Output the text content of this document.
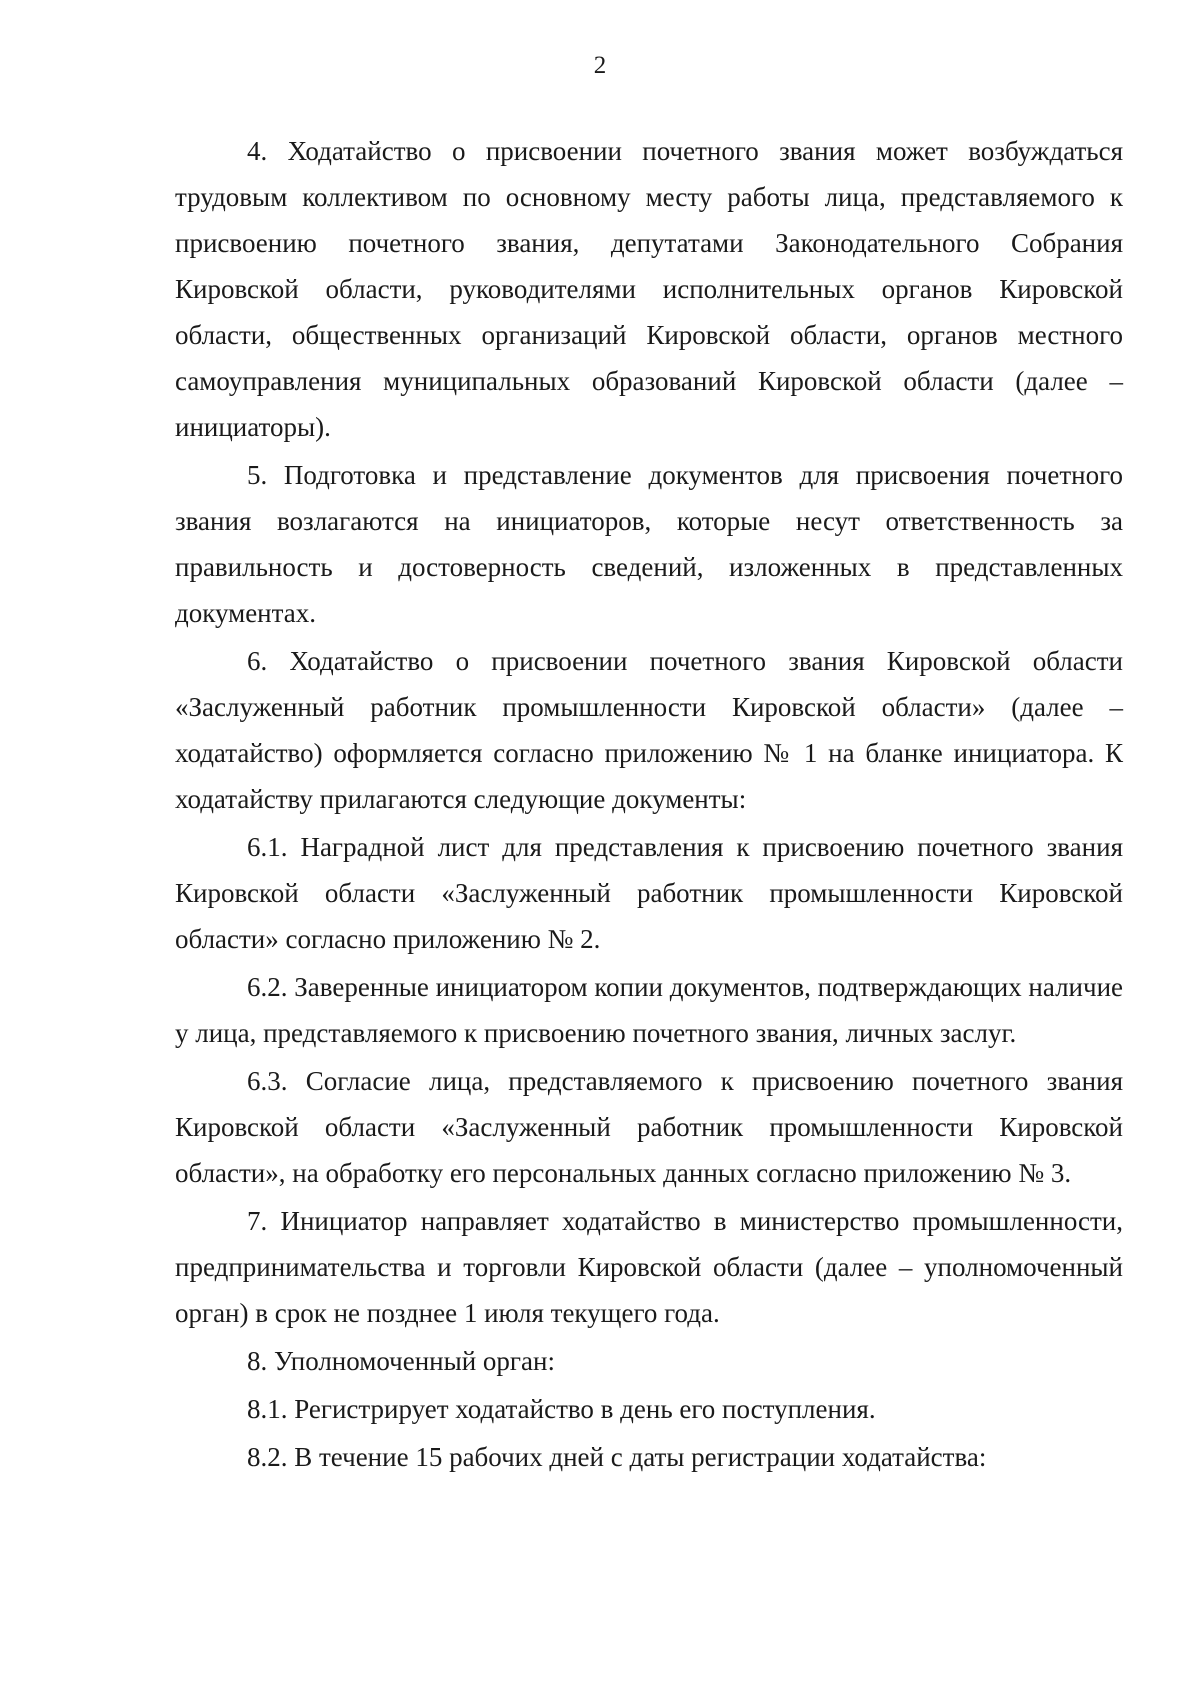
2

4. Ходатайство о присвоении почетного звания может возбуждаться трудовым коллективом по основному месту работы лица, представляемого к присвоению почетного звания, депутатами Законодательного Собрания Кировской области, руководителями исполнительных органов Кировской области, общественных организаций Кировской области, органов местного самоуправления муниципальных образований Кировской области (далее – инициаторы).

5. Подготовка и представление документов для присвоения почетного звания возлагаются на инициаторов, которые несут ответственность за правильность и достоверность сведений, изложенных в представленных документах.

6. Ходатайство о присвоении почетного звания Кировской области «Заслуженный работник промышленности Кировской области» (далее – ходатайство) оформляется согласно приложению № 1 на бланке инициатора. К ходатайству прилагаются следующие документы:

6.1. Наградной лист для представления к присвоению почетного звания Кировской области «Заслуженный работник промышленности Кировской области» согласно приложению № 2.

6.2. Заверенные инициатором копии документов, подтверждающих наличие у лица, представляемого к присвоению почетного звания, личных заслуг.

6.3. Согласие лица, представляемого к присвоению почетного звания Кировской области «Заслуженный работник промышленности Кировской области», на обработку его персональных данных согласно приложению № 3.

7. Инициатор направляет ходатайство в министерство промышленности, предпринимательства и торговли Кировской области (далее – уполномоченный орган) в срок не позднее 1 июля текущего года.

8. Уполномоченный орган:

8.1. Регистрирует ходатайство в день его поступления.

8.2. В течение 15 рабочих дней с даты регистрации ходатайства:
